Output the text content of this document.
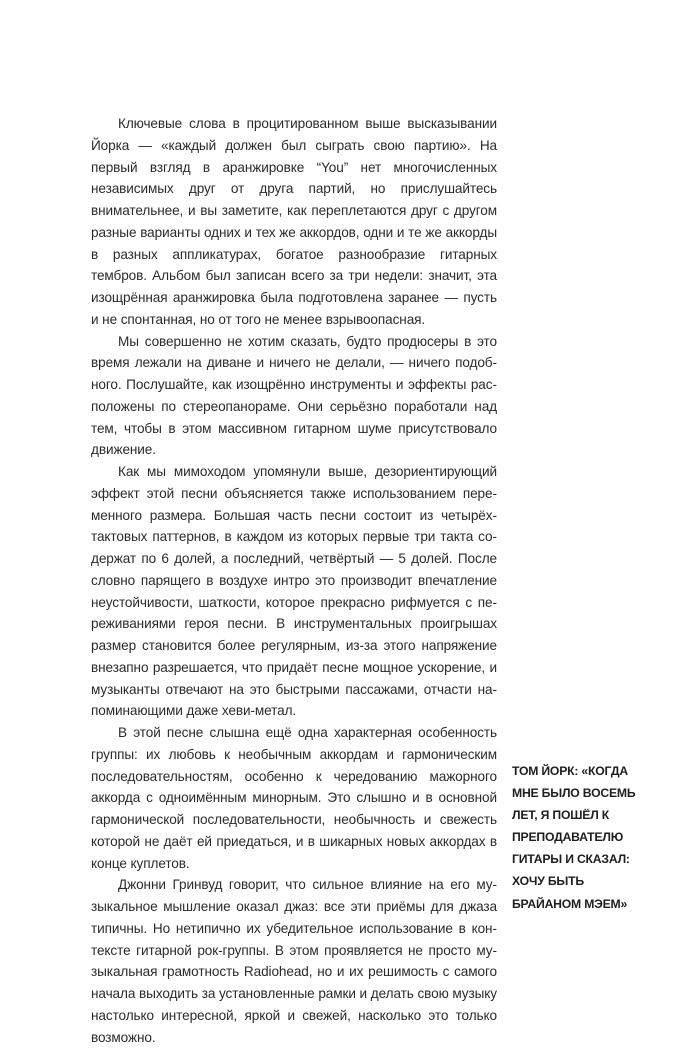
Ключевые слова в процитированном выше высказывании Йорка — «каждый должен был сыграть свою партию». На первый взгляд в аранжировке “You” нет многочисленных независимых друг от друга партий, но прислушайтесь внимательнее, и вы заметите, как переплетаются друг с другом разные варианты одних и тех же аккордов, одни и те же аккорды в разных аппликатурах, богатое разнообразие гитарных тембров. Альбом был записан всего за три недели: значит, эта изощрённая аранжировка была подготовлена заранее — пусть и не спонтанная, но от того не менее взрывоопасная.

Мы совершенно не хотим сказать, будто продюсеры в это время лежали на диване и ничего не делали, — ничего подобного. Послушайте, как изощрённо инструменты и эффекты расположены по стереопанораме. Они серьёзно поработали над тем, чтобы в этом массивном гитарном шуме присутствовало движение.

Как мы мимоходом упомянули выше, дезориентирующий эффект этой песни объясняется также использованием переменного размера. Большая часть песни состоит из четырёхтактовых паттернов, в каждом из которых первые три такта содержат по 6 долей, а последний, четвёртый — 5 долей. После словно парящего в воздухе интро это производит впечатление неустойчивости, шаткости, которое прекрасно рифмуется с переживаниями героя песни. В инструментальных проигрышах размер становится более регулярным, из-за этого напряжение внезапно разрешается, что придаёт песне мощное ускорение, и музыканты отвечают на это быстрыми пассажами, отчасти напоминающими даже хеви-метал.

В этой песне слышна ещё одна характерная особенность группы: их любовь к необычным аккордам и гармоническим последовательностям, особенно к чередованию мажорного аккорда с одноимённым минорным. Это слышно и в основной гармонической последовательности, необычность и свежесть которой не даёт ей приедаться, и в шикарных новых аккордах в конце куплетов.

Джонни Гринвуд говорит, что сильное влияние на его музыкальное мышление оказал джаз: все эти приёмы для джаза типичны. Но нетипично их убедительное использование в контексте гитарной рок-группы. В этом проявляется не просто музыкальная грамотность Radiohead, но и их решимость с самого начала выходить за установленные рамки и делать свою музыку настолько интересной, яркой и свежей, насколько это только возможно.

ТОМ ЙОРК: «КОГДА МНЕ БЫЛО ВОСЕМЬ ЛЕТ, Я ПОШЁЛ К ПРЕПОДАВАТЕЛЮ ГИТАРЫ И СКАЗАЛ: ХОЧУ БЫТЬ БРАЙАНОМ МЭЕМ»
